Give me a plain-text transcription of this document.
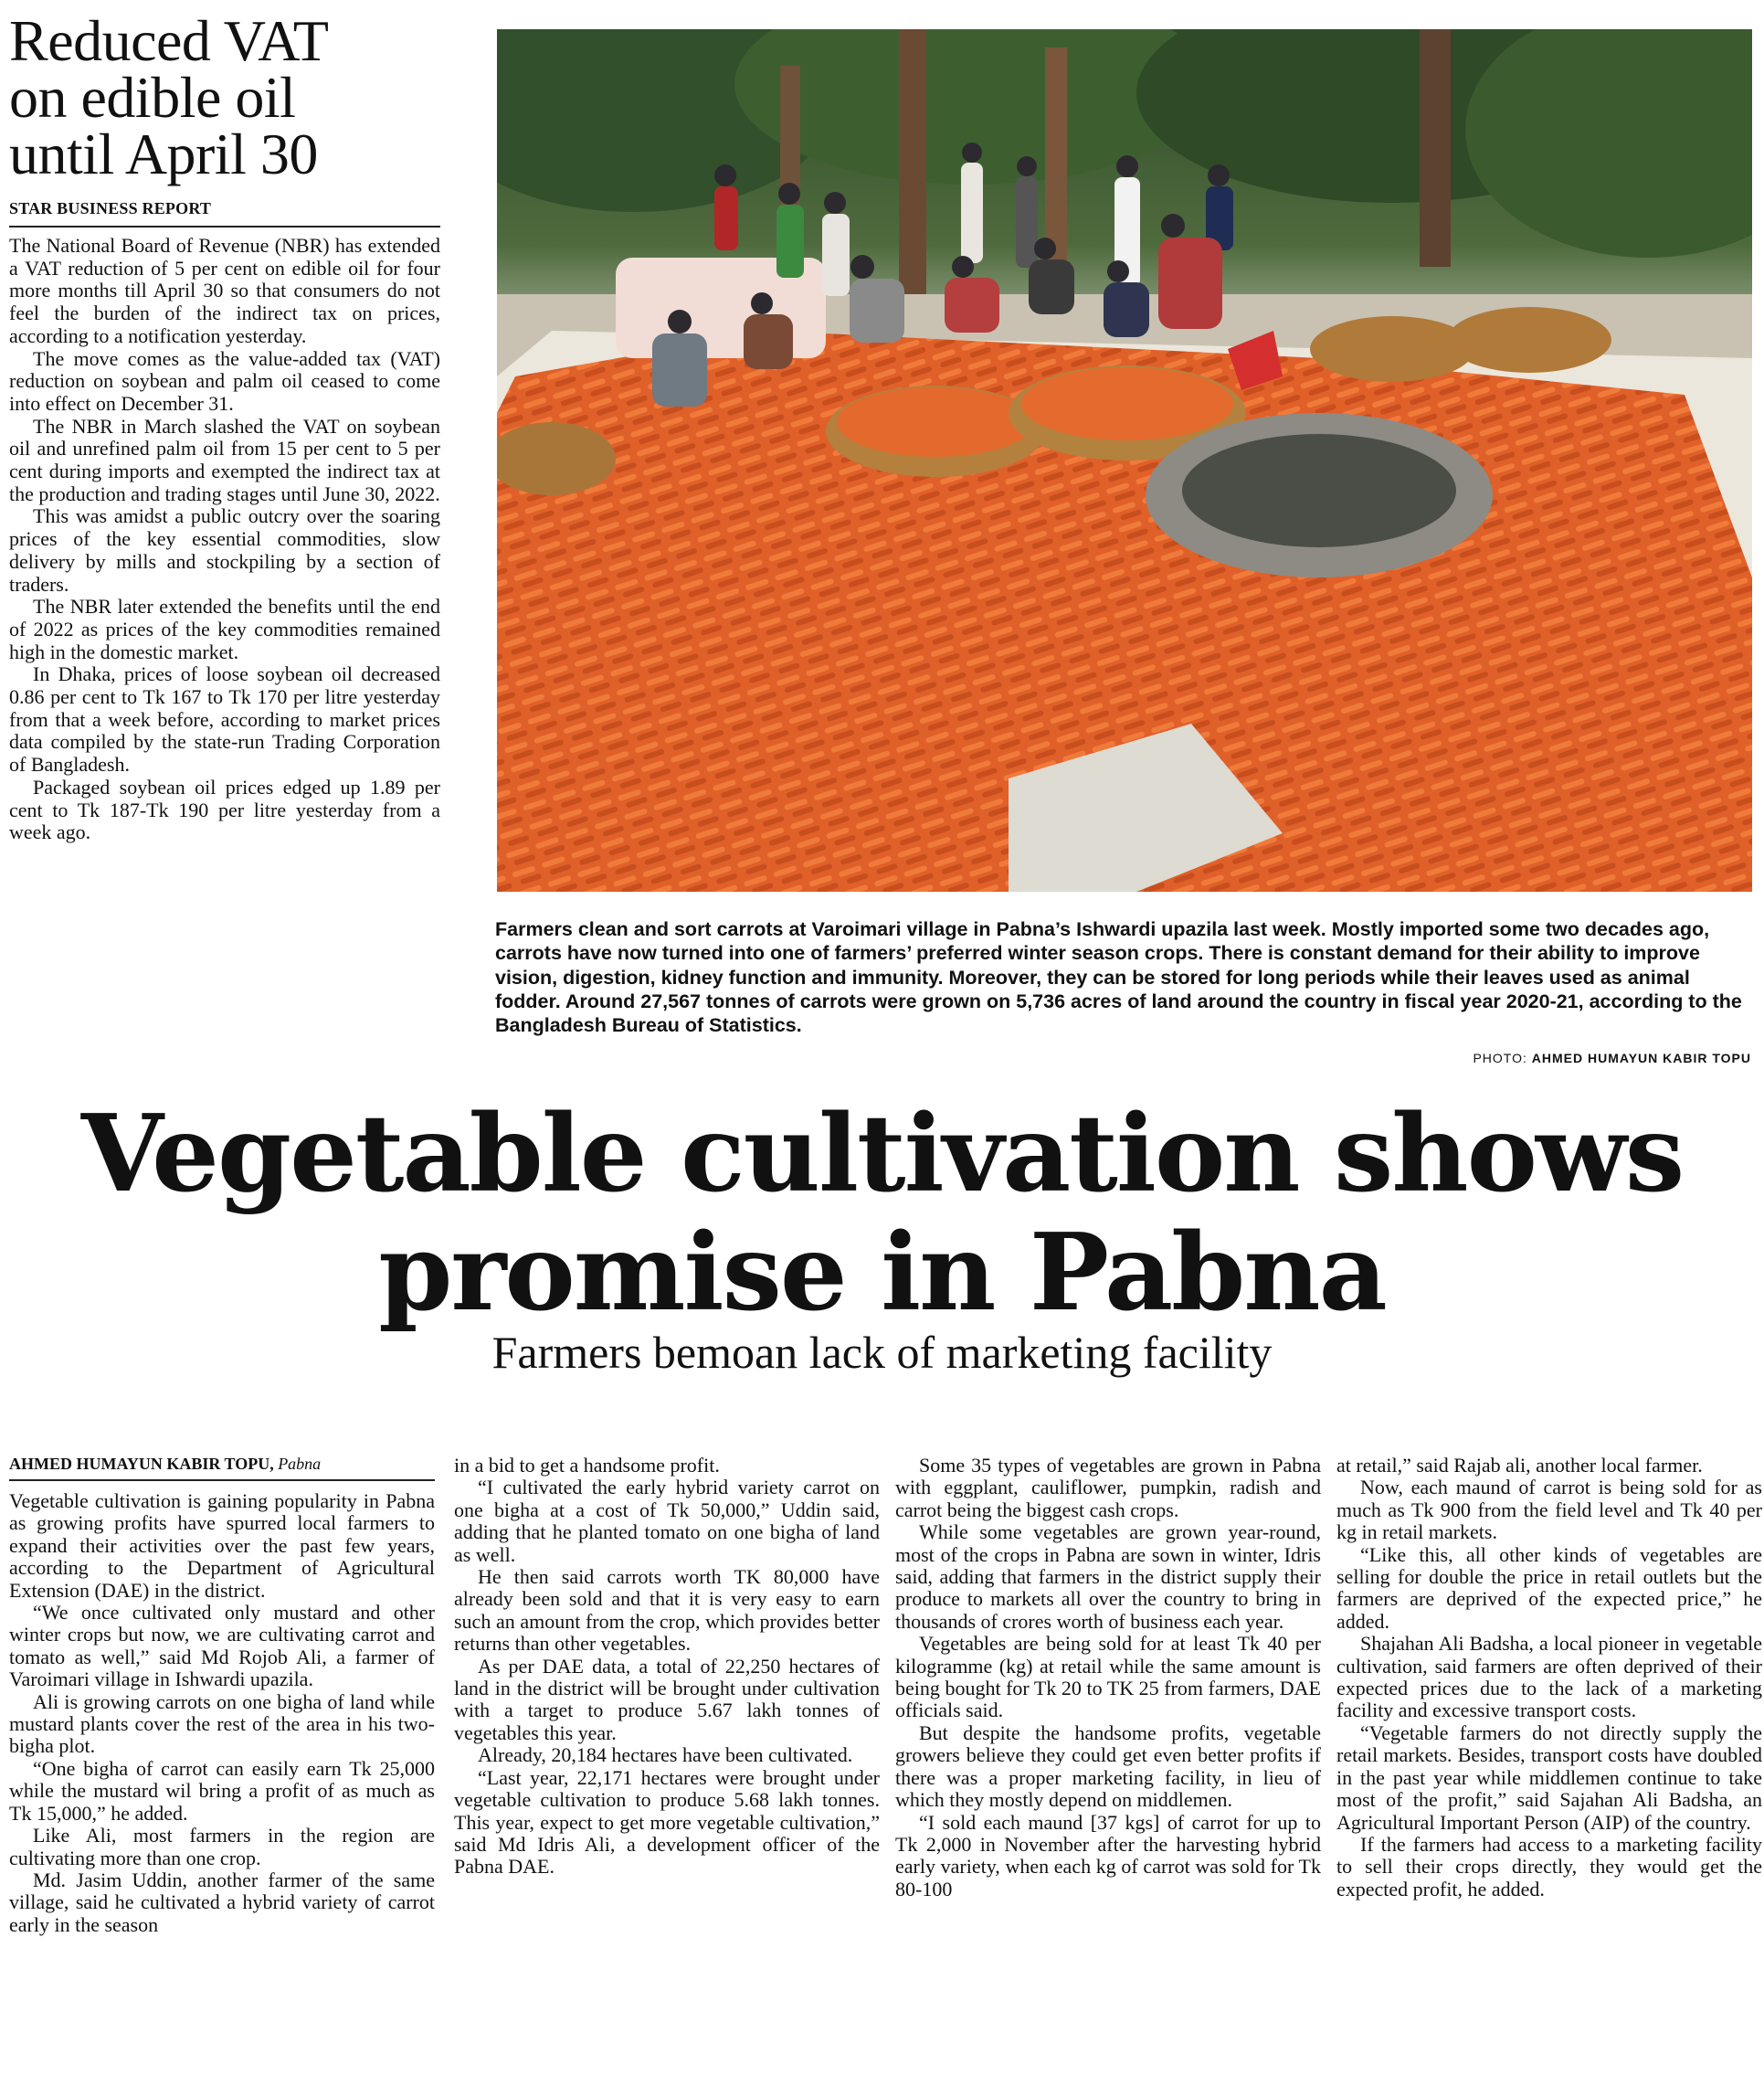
Reduced VAT
on edible oil
until April 30
STAR BUSINESS REPORT

The National Board of Revenue (NBR) has extended a VAT reduction of 5 per cent on edible oil for four more months till April 30 so that consumers do not feel the burden of the indirect tax on prices, according to a notification yesterday.

The move comes as the value-added tax (VAT) reduction on soybean and palm oil ceased to come into effect on December 31.

The NBR in March slashed the VAT on soybean oil and unrefined palm oil from 15 per cent to 5 per cent during imports and exempted the indirect tax at the production and trading stages until June 30, 2022.

This was amidst a public outcry over the soaring prices of the key essential commodities, slow delivery by mills and stockpiling by a section of traders.

The NBR later extended the benefits until the end of 2022 as prices of the key commodities remained high in the domestic market.

In Dhaka, prices of loose soybean oil decreased 0.86 per cent to Tk 167 to Tk 170 per litre yesterday from that a week before, according to market prices data compiled by the state-run Trading Corporation of Bangladesh.

Packaged soybean oil prices edged up 1.89 per cent to Tk 187-Tk 190 per litre yesterday from a week ago.

Farmers clean and sort carrots at Varoimari village in Pabna’s Ishwardi upazila last week. Mostly imported some two decades ago, carrots have now turned into one of farmers’ preferred winter season crops. There is constant demand for their ability to improve vision, digestion, kidney function and immunity. Moreover, they can be stored for long periods while their leaves used as animal fodder. Around 27,567 tonnes of carrots were grown on 5,736 acres of land around the country in fiscal year 2020-21, according to the Bangladesh Bureau of Statistics.
PHOTO: AHMED HUMAYUN KABIR TOPU
Vegetable cultivation shows
promise in Pabna
Farmers bemoan lack of marketing facility
AHMED HUMAYUN KABIR TOPU, Pabna

Vegetable cultivation is gaining popularity in Pabna as growing profits have spurred local farmers to expand their activities over the past few years, according to the Department of Agricultural Extension (DAE) in the district.

“We once cultivated only mustard and other winter crops but now, we are cultivating carrot and tomato as well,” said Md Rojob Ali, a farmer of Varoimari village in Ishwardi upazila.

Ali is growing carrots on one bigha of land while mustard plants cover the rest of the area in his two-bigha plot.

“One bigha of carrot can easily earn Tk 25,000 while the mustard wil bring a profit of as much as Tk 15,000,” he added.

Like Ali, most farmers in the region are cultivating more than one crop.

Md. Jasim Uddin, another farmer of the same village, said he cultivated a hybrid variety of carrot early in the season

in a bid to get a handsome profit.

“I cultivated the early hybrid variety carrot on one bigha at a cost of Tk 50,000,” Uddin said, adding that he planted tomato on one bigha of land as well.

He then said carrots worth TK 80,000 have already been sold and that it is very easy to earn such an amount from the crop, which provides better returns than other vegetables.

As per DAE data, a total of 22,250 hectares of land in the district will be brought under cultivation with a target to produce 5.67 lakh tonnes of vegetables this year.

Already, 20,184 hectares have been cultivated.

“Last year, 22,171 hectares were brought under vegetable cultivation to produce 5.68 lakh tonnes. This year, expect to get more vegetable cultivation,” said Md Idris Ali, a development officer of the Pabna DAE.

Some 35 types of vegetables are grown in Pabna with eggplant, cauliflower, pumpkin, radish and carrot being the biggest cash crops.

While some vegetables are grown year-round, most of the crops in Pabna are sown in winter, Idris said, adding that farmers in the district supply their produce to markets all over the country to bring in thousands of crores worth of business each year.

Vegetables are being sold for at least Tk 40 per kilogramme (kg) at retail while the same amount is being bought for Tk 20 to TK 25 from farmers, DAE officials said.

But despite the handsome profits, vegetable growers believe they could get even better profits if there was a proper marketing facility, in lieu of which they mostly depend on middlemen.

“I sold each maund [37 kgs] of carrot for up to Tk 2,000 in November after the harvesting hybrid early variety, when each kg of carrot was sold for Tk 80-100

at retail,” said Rajab ali, another local farmer.

Now, each maund of carrot is being sold for as much as Tk 900 from the field level and Tk 40 per kg in retail markets.

“Like this, all other kinds of vegetables are selling for double the price in retail outlets but the farmers are deprived of the expected price,” he added.

Shajahan Ali Badsha, a local pioneer in vegetable cultivation, said farmers are often deprived of their expected prices due to the lack of a marketing facility and excessive transport costs.

“Vegetable farmers do not directly supply the retail markets. Besides, transport costs have doubled in the past year while middlemen continue to take most of the profit,” said Sajahan Ali Badsha, an Agricultural Important Person (AIP) of the country.

If the farmers had access to a marketing facility to sell their crops directly, they would get the expected profit, he added.
